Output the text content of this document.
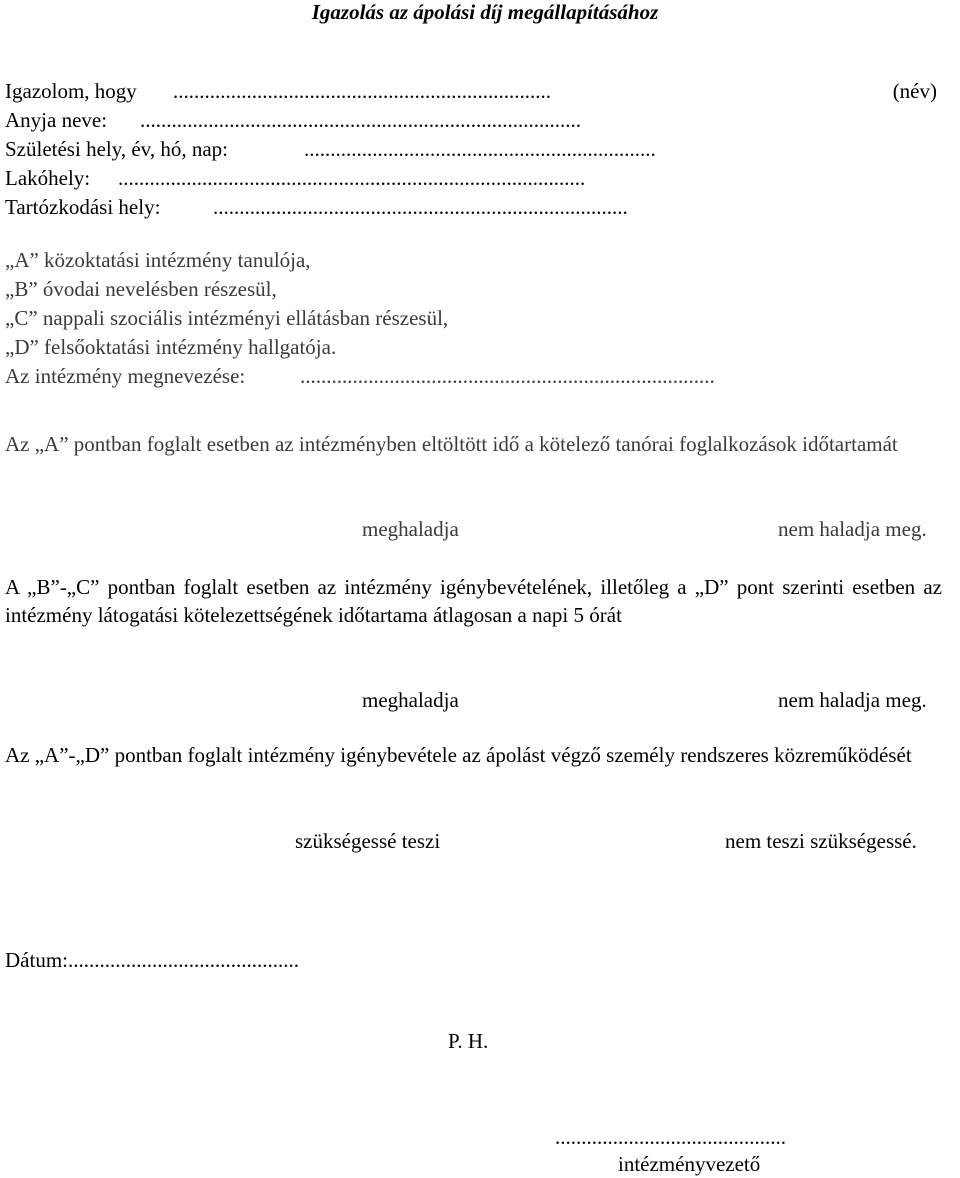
Igazolás az ápolási díj megállapításához
Igazolom, hogy ........................................................................	(név)
Anyja neve: ....................................................................................
Születési hely, év, hó, nap:	...................................................................
Lakóhely: .........................................................................................
Tartózkodási hely:	...............................................................................
„A” közoktatási intézmény tanulója,
„B” óvodai nevelésben részesül,
„C” nappali szociális intézményi ellátásban részesül,
„D” felsőoktatási intézmény hallgatója.
Az intézmény megnevezése:	...............................................................................
Az „A” pontban foglalt esetben az intézményben eltöltött idő a kötelező tanórai foglalkozások időtartamát
meghaladja	nem haladja meg.
A „B”-„C” pontban foglalt esetben az intézmény igénybevételének, illetőleg a „D” pont szerinti esetben az intézmény látogatási kötelezettségének időtartama átlagosan a napi 5 órát
meghaladja	nem haladja meg.
Az „A”-„D” pontban foglalt intézmény igénybevétele az ápolást végző személy rendszeres közreműködését
szükségessé teszi	nem teszi szükségessé.
Dátum:............................................
P. H.
............................................
intézményvezető
